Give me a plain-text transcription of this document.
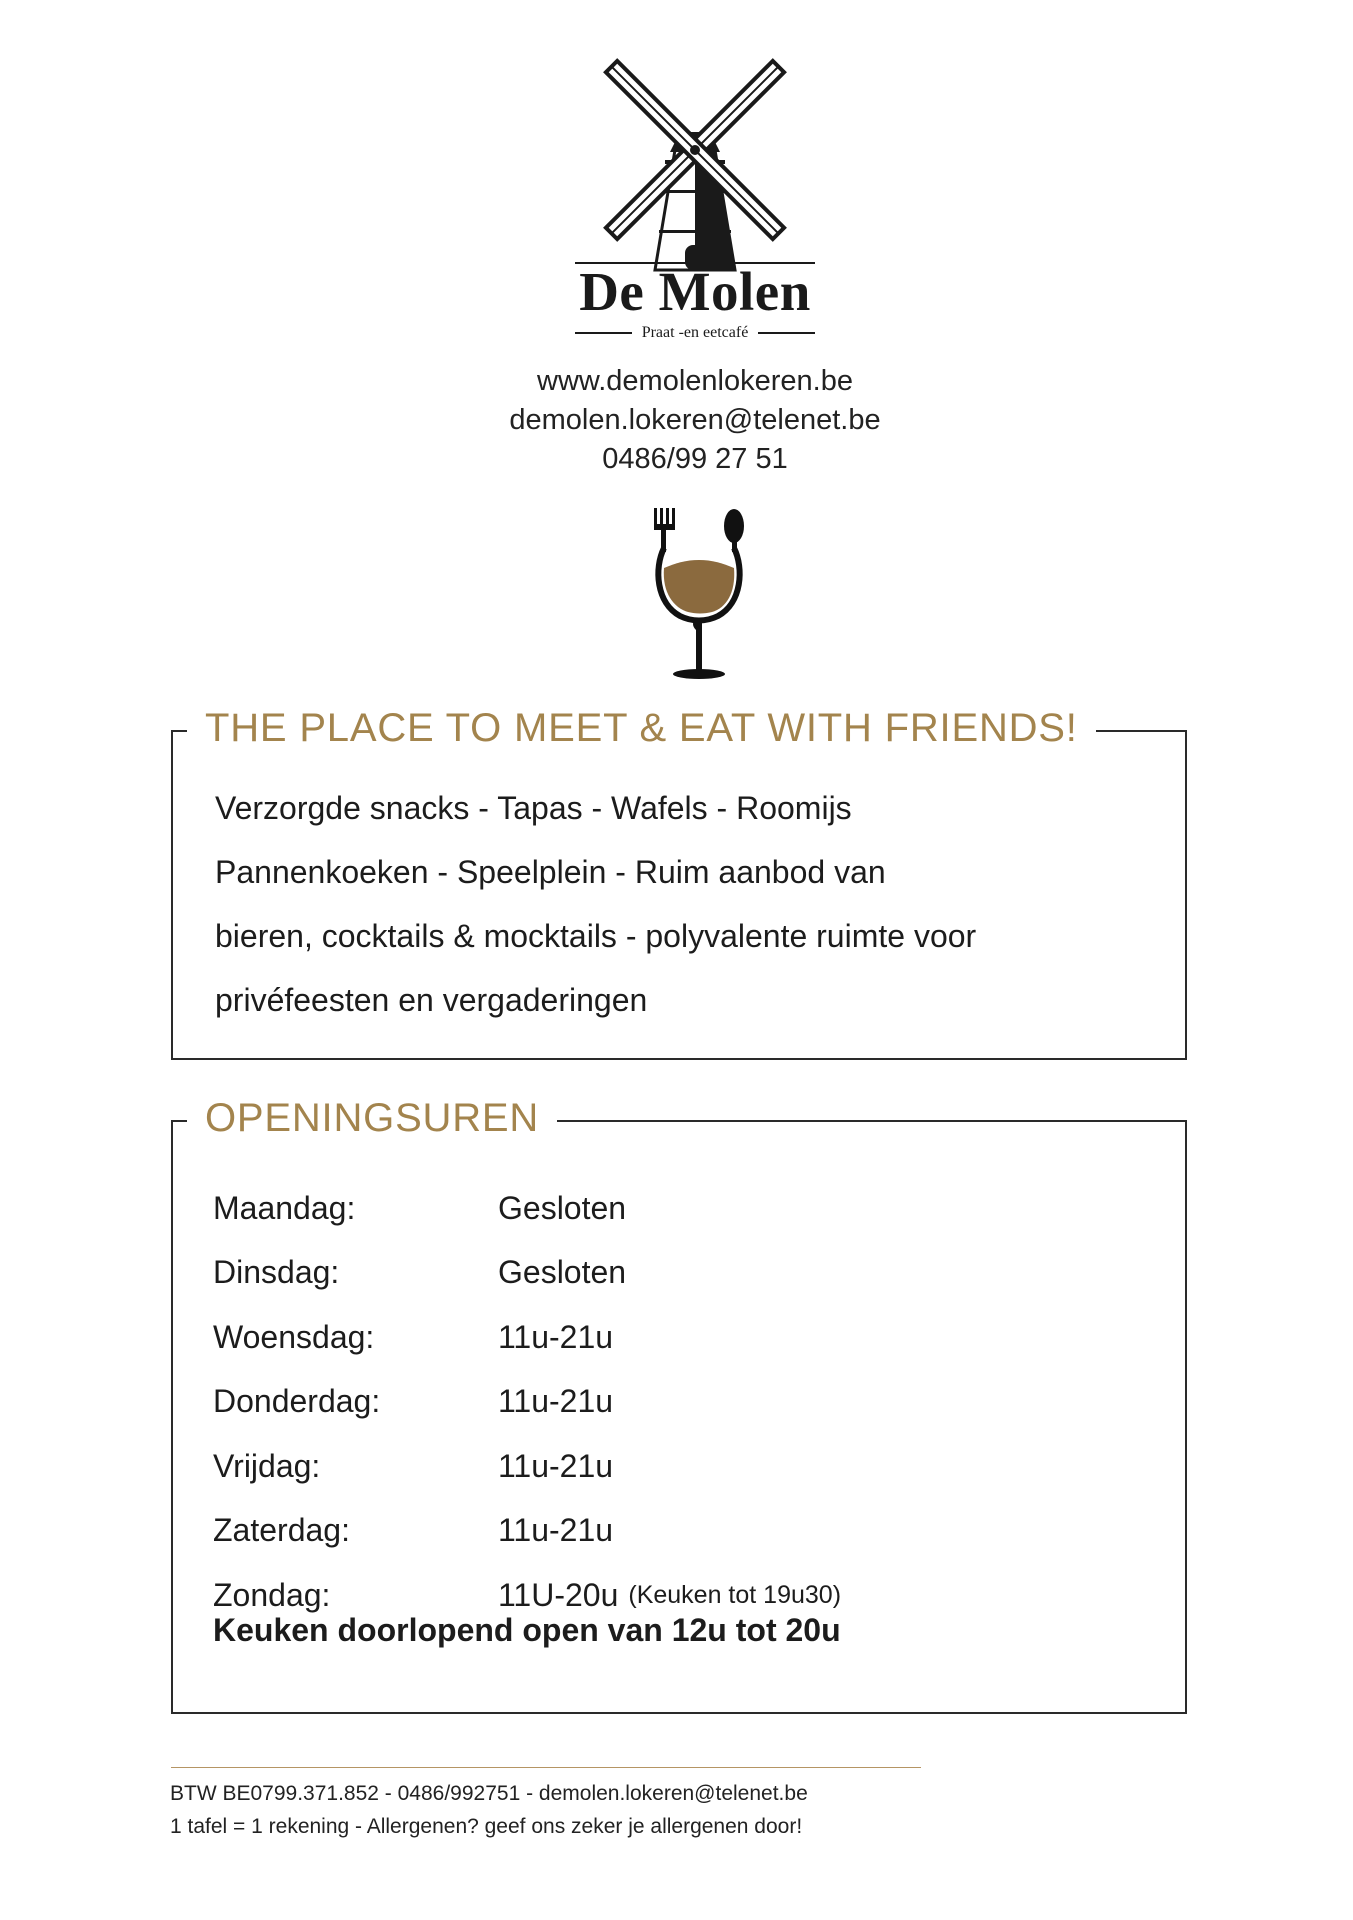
De Molen
Praat -en eetcafé
www.demolenlokeren.be
demolen.lokeren@telenet.be
0486/99 27 51
THE PLACE TO MEET & EAT WITH FRIENDS!
Verzorgde snacks - Tapas - Wafels - Roomijs
Pannenkoeken - Speelplein - Ruim aanbod van
bieren, cocktails & mocktails - polyvalente ruimte voor
privéfeesten en vergaderingen
OPENINGSUREN
Maandag:	Gesloten
Dinsdag:	Gesloten
Woensdag:	11u-21u
Donderdag:	11u-21u
Vrijdag:	11u-21u
Zaterdag:	11u-21u
Zondag:	11U-20u (Keuken tot 19u30)
Keuken doorlopend open van 12u tot 20u
BTW BE0799.371.852 - 0486/992751 - demolen.lokeren@telenet.be
1 tafel = 1 rekening - Allergenen? geef ons zeker je allergenen door!
